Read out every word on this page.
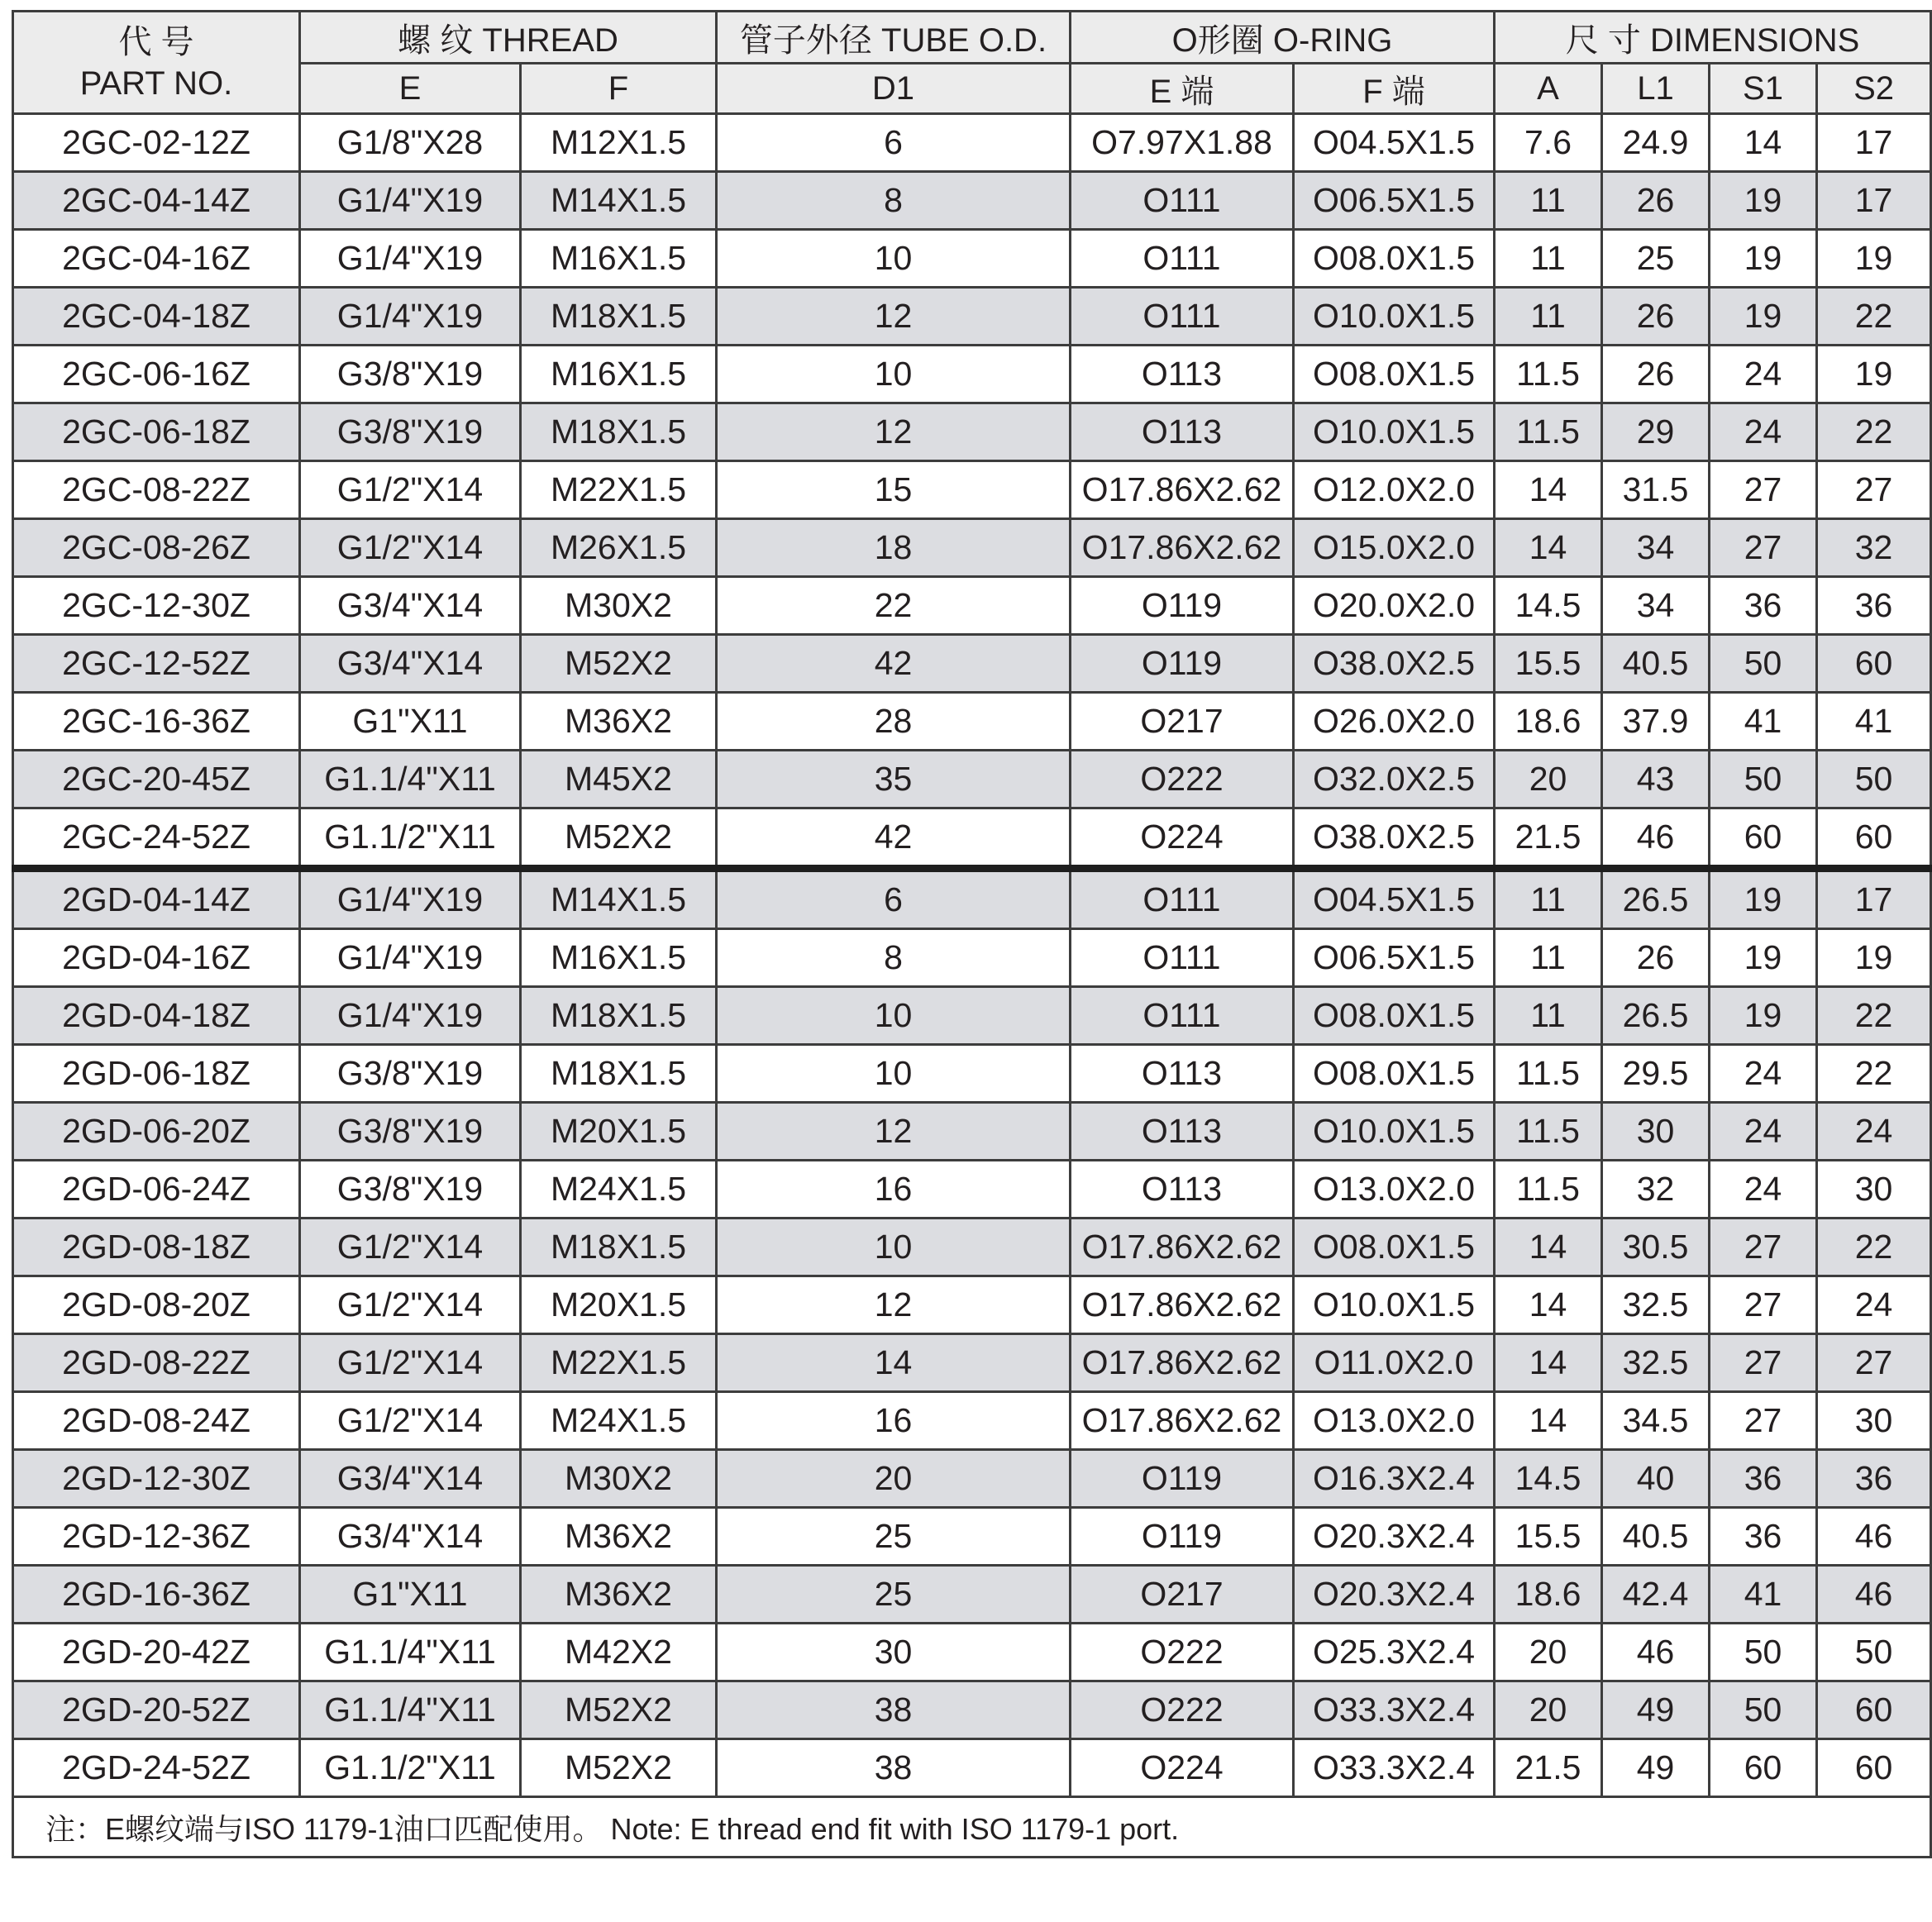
代 号
PART NO.	螺 纹 THREAD		管子外径 TUBE O.D.	O形圈 O-RING		尺 寸 DIMENSIONS			
	E	F	D1	E 端	F 端	A	L1	S1	S2
2GC-02-12Z	G1/8"X28	M12X1.5	6	O7.97X1.88	O04.5X1.5	7.6	24.9	14	17
2GC-04-14Z	G1/4"X19	M14X1.5	8	O111	O06.5X1.5	11	26	19	17
2GC-04-16Z	G1/4"X19	M16X1.5	10	O111	O08.0X1.5	11	25	19	19
2GC-04-18Z	G1/4"X19	M18X1.5	12	O111	O10.0X1.5	11	26	19	22
2GC-06-16Z	G3/8"X19	M16X1.5	10	O113	O08.0X1.5	11.5	26	24	19
2GC-06-18Z	G3/8"X19	M18X1.5	12	O113	O10.0X1.5	11.5	29	24	22
2GC-08-22Z	G1/2"X14	M22X1.5	15	O17.86X2.62	O12.0X2.0	14	31.5	27	27
2GC-08-26Z	G1/2"X14	M26X1.5	18	O17.86X2.62	O15.0X2.0	14	34	27	32
2GC-12-30Z	G3/4"X14	M30X2	22	O119	O20.0X2.0	14.5	34	36	36
2GC-12-52Z	G3/4"X14	M52X2	42	O119	O38.0X2.5	15.5	40.5	50	60
2GC-16-36Z	G1"X11	M36X2	28	O217	O26.0X2.0	18.6	37.9	41	41
2GC-20-45Z	G1.1/4"X11	M45X2	35	O222	O32.0X2.5	20	43	50	50
2GC-24-52Z	G1.1/2"X11	M52X2	42	O224	O38.0X2.5	21.5	46	60	60
2GD-04-14Z	G1/4"X19	M14X1.5	6	O111	O04.5X1.5	11	26.5	19	17
2GD-04-16Z	G1/4"X19	M16X1.5	8	O111	O06.5X1.5	11	26	19	19
2GD-04-18Z	G1/4"X19	M18X1.5	10	O111	O08.0X1.5	11	26.5	19	22
2GD-06-18Z	G3/8"X19	M18X1.5	10	O113	O08.0X1.5	11.5	29.5	24	22
2GD-06-20Z	G3/8"X19	M20X1.5	12	O113	O10.0X1.5	11.5	30	24	24
2GD-06-24Z	G3/8"X19	M24X1.5	16	O113	O13.0X2.0	11.5	32	24	30
2GD-08-18Z	G1/2"X14	M18X1.5	10	O17.86X2.62	O08.0X1.5	14	30.5	27	22
2GD-08-20Z	G1/2"X14	M20X1.5	12	O17.86X2.62	O10.0X1.5	14	32.5	27	24
2GD-08-22Z	G1/2"X14	M22X1.5	14	O17.86X2.62	O11.0X2.0	14	32.5	27	27
2GD-08-24Z	G1/2"X14	M24X1.5	16	O17.86X2.62	O13.0X2.0	14	34.5	27	30
2GD-12-30Z	G3/4"X14	M30X2	20	O119	O16.3X2.4	14.5	40	36	36
2GD-12-36Z	G3/4"X14	M36X2	25	O119	O20.3X2.4	15.5	40.5	36	46
2GD-16-36Z	G1"X11	M36X2	25	O217	O20.3X2.4	18.6	42.4	41	46
2GD-20-42Z	G1.1/4"X11	M42X2	30	O222	O25.3X2.4	20	46	50	50
2GD-20-52Z	G1.1/4"X11	M52X2	38	O222	O33.3X2.4	20	49	50	60
2GD-24-52Z	G1.1/2"X11	M52X2	38	O224	O33.3X2.4	21.5	49	60	60
注：E螺纹端与ISO 1179-1油口匹配使用。 Note: E thread end fit with ISO 1179-1 port.									
